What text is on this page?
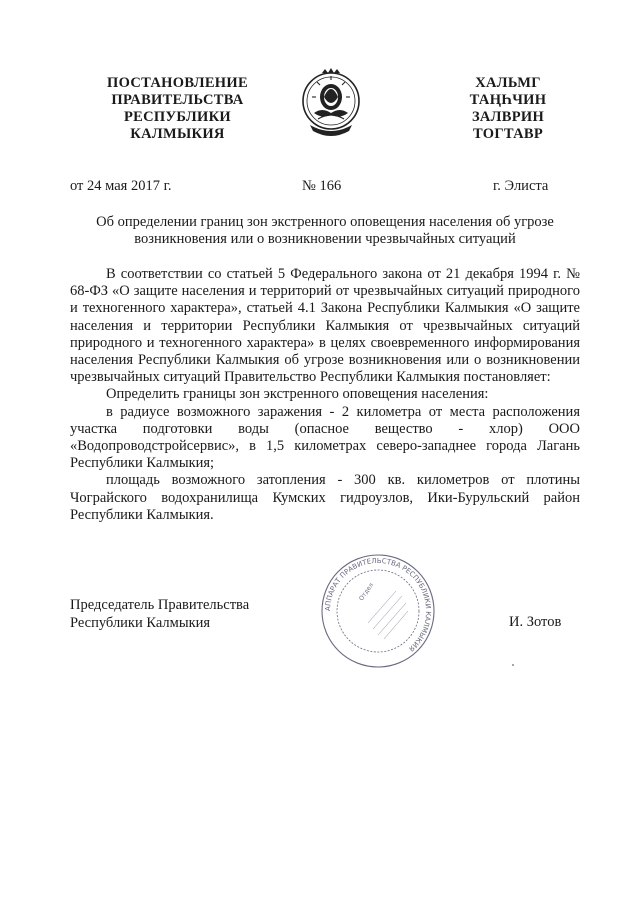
ПОСТАНОВЛЕНИЕ
ПРАВИТЕЛЬСТВА
РЕСПУБЛИКИ
КАЛМЫКИЯ
ХАЛЬМГ
ТАҢҺЧИН
ЗАЛВРИН
ТОГТАВР
от 24 мая 2017 г.	№ 166	г. Элиста
Об определении границ зон экстренного оповещения населения об угрозе возникновения или о возникновении чрезвычайных ситуаций

В соответствии со статьей 5 Федерального закона от 21 декабря 1994 г. № 68-ФЗ «О защите населения и территорий от чрезвычайных ситуаций природного и техногенного характера», статьей 4.1 Закона Республики Калмыкия «О защите населения и территории Республики Калмыкия от чрезвычайных ситуаций природного и техногенного характера» в целях своевременного информирования населения Республики Калмыкия об угрозе возникновения или о возникновении чрезвычайных ситуаций Правительство Республики Калмыкия постановляет:

Определить границы зон экстренного оповещения населения:

в радиусе возможного заражения - 2 километра от места расположения участка подготовки воды (опасное вещество - хлор) ООО «Водопроводстройсервис», в 1,5 километрах северо-западнее города Лагань Республики Калмыкия;

площадь возможного затопления - 300 кв. километров от плотины Чограйского водохранилища Кумских гидроузлов, Ики-Бурульский район Республики Калмыкия.

Председатель Правительства
Республики Калмыкия
АППАРАТ ПРАВИТЕЛЬСТВА РЕСПУБЛИКИ КАЛМЫКИЯ
Отдел
И. Зотов
